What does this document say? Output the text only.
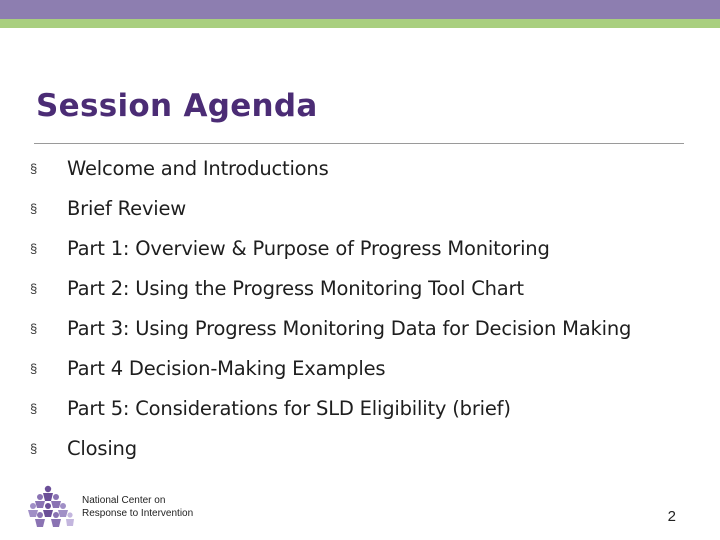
Session Agenda
§	Welcome and Introductions
§	Brief Review
§	Part 1: Overview & Purpose of Progress Monitoring
§	Part 2: Using the Progress Monitoring Tool Chart
§	Part 3: Using Progress Monitoring Data for Decision Making
§	Part 4 Decision-Making Examples
§	Part 5: Considerations for SLD Eligibility (brief)
§	Closing
National Center on
Response to Intervention	2
